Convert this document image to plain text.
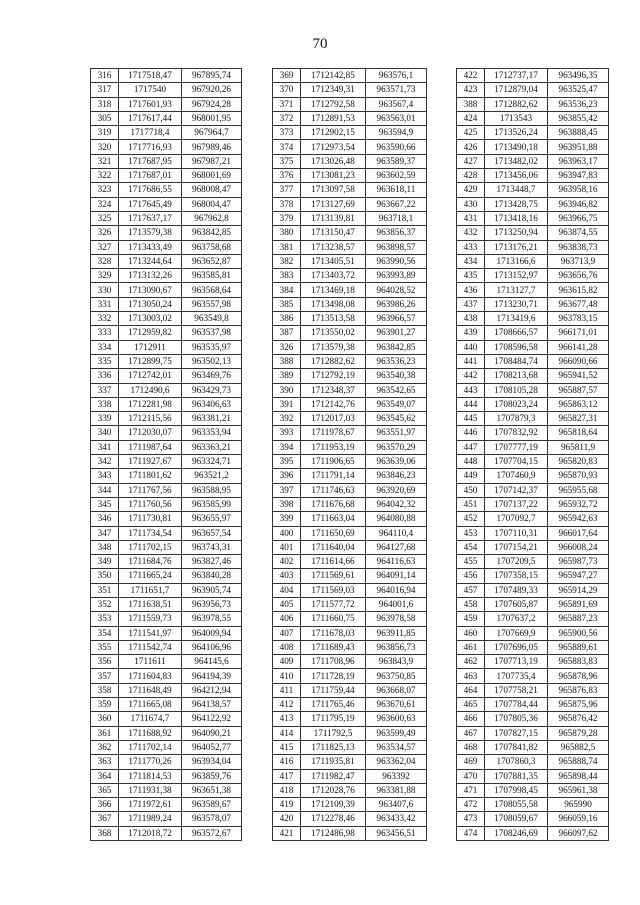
70
316	1717518,47	967895,74
317	1717540	967920,26
318	1717601,93	967924,28
305	1717617,44	968001,95
319	1717718,4	967964,7
320	1717716,93	967989,46
321	1717687,95	967987,21
322	1717687,01	968001,69
323	1717686,55	968008,47
324	1717645,49	968004,47
325	1717637,17	967962,8
326	1713579,38	963842,85
327	1713433,49	963758,68
328	1713244,64	963652,87
329	1713132,26	963585,81
330	1713090,67	963568,64
331	1713050,24	963557,98
332	1713003,02	963549,8
333	1712959,82	963537,98
334	1712911	963535,97
335	1712899,75	963502,13
336	1712742,01	963469,76
337	1712490,6	963429,73
338	1712281,98	963406,63
339	1712115,56	963381,21
340	1712030,07	963353,94
341	1711987,64	963363,21
342	1711927,67	963324,71
343	1711801,62	963521,2
344	1711767,56	963588,95
345	1711760,56	963585,99
346	1711730,81	963655,97
347	1711734,54	963657,54
348	1711702,15	963743,31
349	1711684,76	963827,46
350	1711665,24	963840,28
351	1711651,7	963905,74
352	1711638,51	963956,73
353	1711559,73	963978,55
354	1711541,97	964009,94
355	1711542,74	964106,96
356	1711611	964145,6
357	1711604,83	964194,39
358	1711648,49	964212,94
359	1711665,08	964138,57
360	1711674,7	964122,92
361	1711688,92	964090,21
362	1711702,14	964052,77
363	1711770,26	963934,04
364	1711814,53	963859,76
365	1711931,38	963651,38
366	1711972,61	963589,67
367	1711989,24	963578,07
368	1712018,72	963572,67
369	1712142,85	963576,1
370	1712349,31	963571,73
371	1712792,58	963567,4
372	1712891,53	963563,01
373	1712902,15	963594,9
374	1712973,54	963590,66
375	1713026,48	963589,37
376	1713081,23	963602,59
377	1713097,58	963618,11
378	1713127,69	963667,22
379	1713139,81	963718,1
380	1713150,47	963856,37
381	1713238,57	963898,57
382	1713405,51	963990,56
383	1713403,72	963993,89
384	1713469,18	964028,52
385	1713498,08	963986,26
386	1713513,58	963966,57
387	1713550,02	963901,27
326	1713579,38	963842,85
388	1712882,62	963536,23
389	1712792,19	963540,38
390	1712348,37	963542,65
391	1712142,76	963549,07
392	1712017,03	963545,62
393	1711978,67	963551,97
394	1711953,19	963570,29
395	1711906,65	963639,06
396	1711791,14	963846,23
397	1711746,63	963920,69
398	1711676,68	964042,32
399	1711663,04	964080,88
400	1711650,69	964110,4
401	1711640,04	964127,68
402	1711614,66	964116,63
403	1711569,61	964091,14
404	1711569,03	964016,94
405	1711577,72	964001,6
406	1711660,75	963978,58
407	1711678,03	963911,85
408	1711689,43	963856,73
409	1711708,96	963843,9
410	1711728,19	963750,85
411	1711759,44	963668,07
412	1711765,46	963670,61
413	1711795,19	963600,63
414	1711792,5	963599,49
415	1711825,13	963534,57
416	1711935,81	963362,04
417	1711982,47	963392
418	1712028,76	963381,88
419	1712109,39	963407,6
420	1712278,46	963433,42
421	1712486,98	963456,51
422	1712737,17	963496,35
423	1712879,04	963525,47
388	1712882,62	963536,23
424	1713543	963855,42
425	1713526,24	963888,45
426	1713490,18	963951,88
427	1713482,02	963963,17
428	1713456,06	963947,83
429	1713448,7	963958,16
430	1713428,75	963946,82
431	1713418,16	963966,75
432	1713250,94	963874,55
433	1713176,21	963838,73
434	1713166,6	963713,9
435	1713152,97	963656,76
436	1713127,7	963615,82
437	1713230,71	963677,48
438	1713419,6	963783,15
439	1708666,57	966171,01
440	1708596,58	966141,28
441	1708484,74	966090,66
442	1708213,68	965941,52
443	1708105,28	965887,57
444	1708023,24	965863,12
445	1707879,3	965827,31
446	1707832,92	965818,64
447	1707777,19	965811,9
448	1707704,15	965820,83
449	1707460,9	965870,93
450	1707142,37	965955,68
451	1707137,22	965932,72
452	1707092,7	965942,63
453	1707110,31	966017,64
454	1707154,21	966008,24
455	1707209,5	965987,73
456	1707358,15	965947,27
457	1707489,33	965914,29
458	1707605,87	965891,69
459	1707637,2	965887,23
460	1707669,9	965900,56
461	1707696,05	965889,61
462	1707713,19	965883,83
463	1707735,4	965878,96
464	1707758,21	965876,83
465	1707784,44	965875,96
466	1707805,36	965876,42
467	1707827,15	965879,28
468	1707841,82	965882,5
469	1707860,3	965888,74
470	1707881,35	965898,44
471	1707998,45	965961,38
472	1708055,58	965990
473	1708059,67	966059,16
474	1708246,69	966097,62
